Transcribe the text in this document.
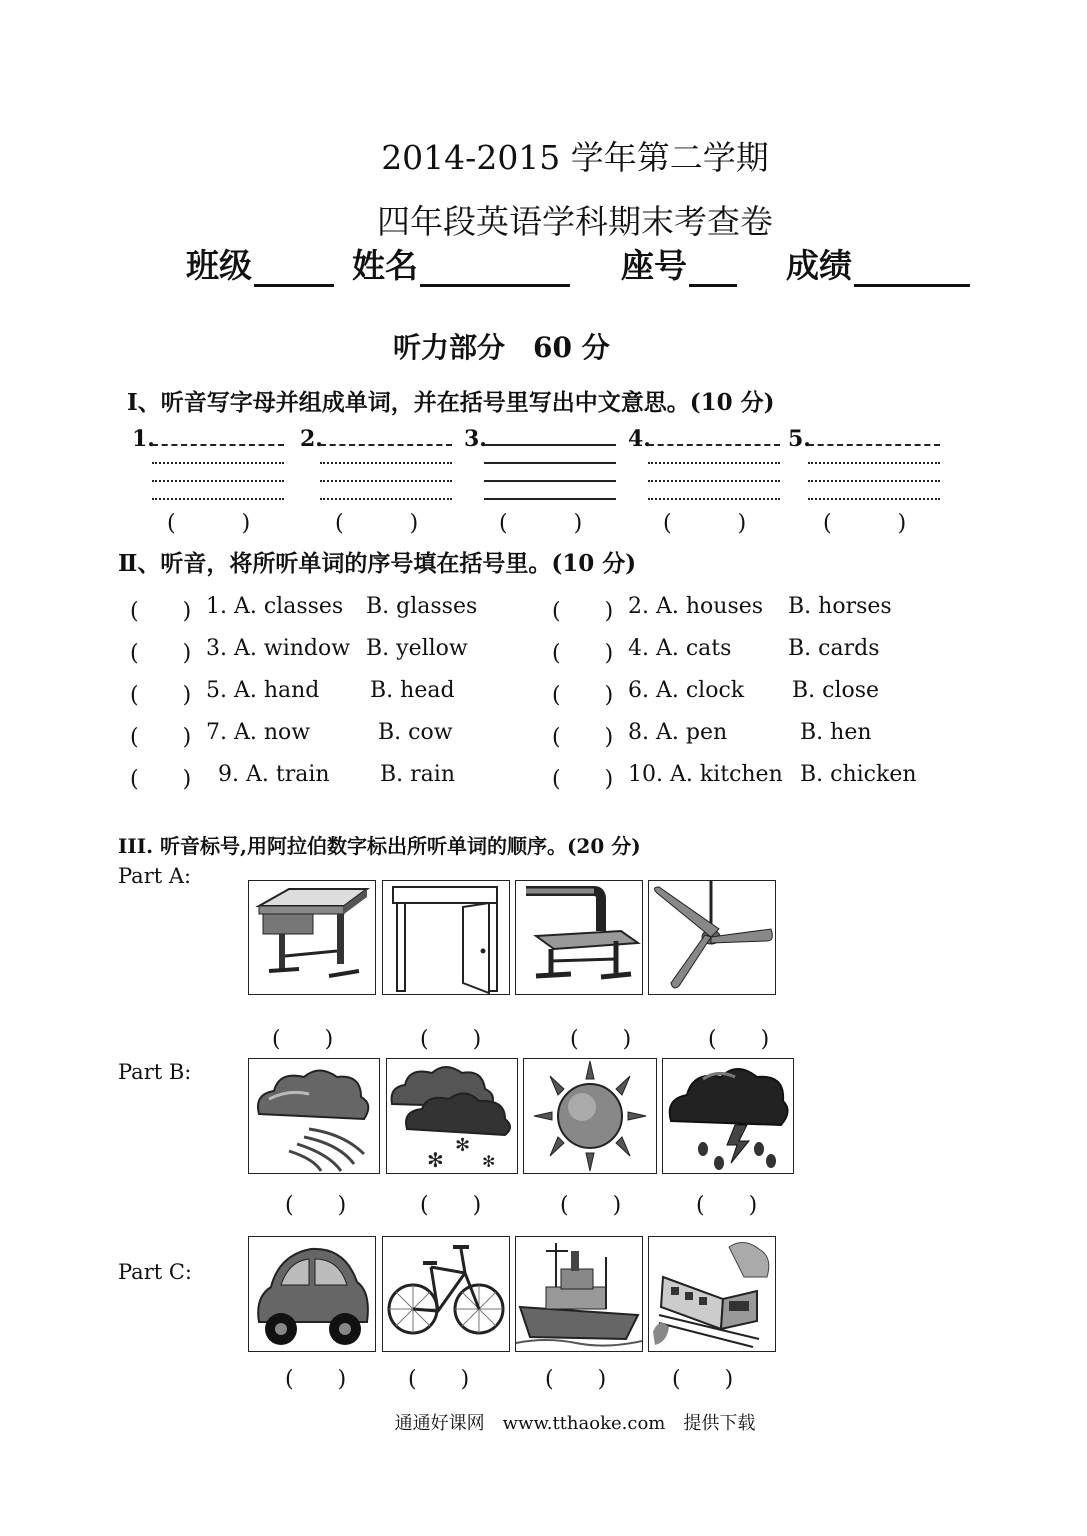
2014-2015 学年第二学期
四年段英语学科期末考查卷
班级	姓名	座号	成绩
听力部分　60 分
Ⅰ、听音写字母并组成单词，并在括号里写出中文意思。(10 分)
1.
(　　　)
2.
(　　　)
3.
(　　　)
4.
(　　　)
5.
(　　　)
Ⅱ、听音，将所听单词的序号填在括号里。(10 分)
(　　) 1. A. classes B. glasses	(　　) 2. A. houses B. horses
(　　) 3. A. window B. yellow	(　　) 4. A. cats	B. cards
(　　) 5. A. hand B. head	(　　) 6. A. clock B. close
(　　) 7. A. now	B. cow	(　　) 8. A. pen	B. hen
(　　) 9. A. train B. rain	(　　) 10. A. kitchen B. chicken
III. 听音标号,用阿拉伯数字标出所听单词的顺序。(20 分)
Part A:
Part B:
Part C:
(　　)	(　　)	(　　)	(　　)
✻
✻
✻
(　　)	(　　)	(　　)	(　　)
(　　)	(　　)	(　　)	(　　)
通通好课网　www.tthaoke.com　提供下载
